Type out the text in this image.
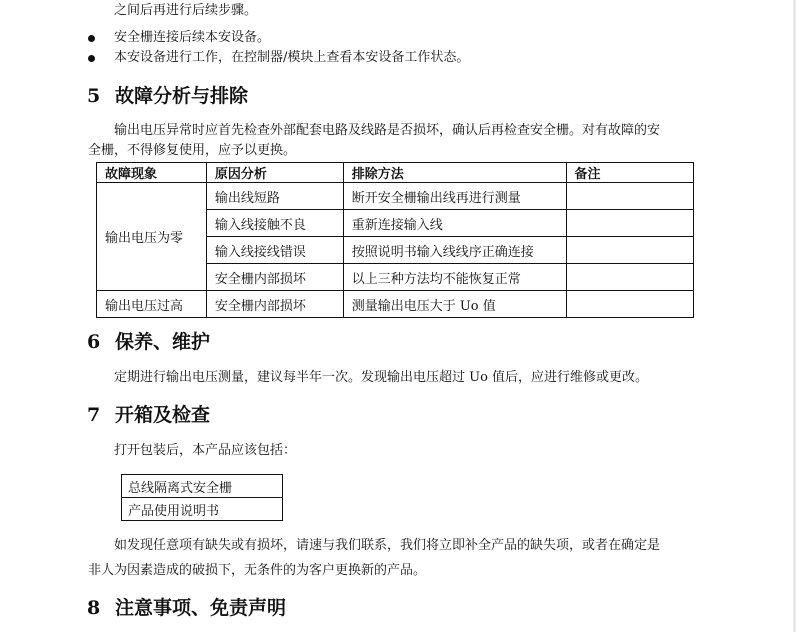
之间后再进行后续步骤。
安全栅连接后续本安设备。
本安设备进行工作，在控制器/模块上查看本安设备工作状态。
5 故障分析与排除
输出电压异常时应首先检查外部配套电路及线路是否损坏，确认后再检查安全栅。对有故障的安
全栅，不得修复使用，应予以更换。
故障现象	原因分析	排除方法	备注
输出电压为零	输出线短路	断开安全栅输出线再进行测量	
	输入线接触不良	重新连接输入线	
	输入线接线错误	按照说明书输入线线序正确连接	
	安全栅内部损坏	以上三种方法均不能恢复正常	
输出电压过高	安全栅内部损坏	测量输出电压大于 Uo 值	
6 保养、维护
定期进行输出电压测量，建议每半年一次。发现输出电压超过 Uo 值后，应进行维修或更改。
7 开箱及检查
打开包装后，本产品应该包括：
总线隔离式安全栅
产品使用说明书
如发现任意项有缺失或有损坏，请速与我们联系，我们将立即补全产品的缺失项，或者在确定是
非人为因素造成的破损下，无条件的为客户更换新的产品。
8 注意事项、免责声明
